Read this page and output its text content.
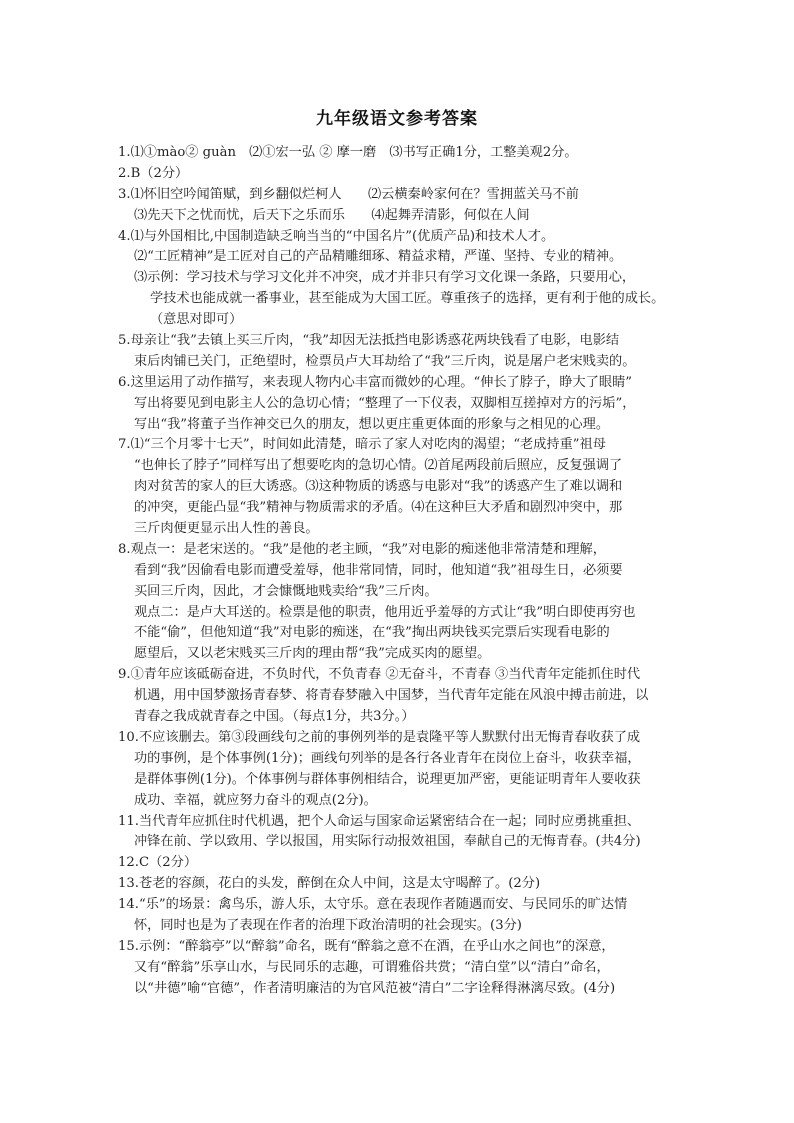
九年级语文参考答案
1.⑴①mào② guàn　⑵①宏一弘 ② 摩一磨　⑶书写正确1分，工整美观2分。
2.B（2分）
3.⑴怀旧空吟闻笛赋，到乡翻似烂柯人　　⑵云横秦岭家何在？雪拥蓝关马不前
⑶先天下之忧而忧，后天下之乐而乐　　⑷起舞弄清影，何似在人间
4.⑴与外国相比,中国制造缺乏响当当的“中国名片”(优质产品)和技术人才。
⑵“工匠精神”是工匠对自己的产品精雕细琢、精益求精，严谨、坚持、专业的精神。
⑶示例：学习技术与学习文化并不冲突，成才并非只有学习文化课一条路，只要用心，
学技术也能成就一番事业，甚至能成为大国工匠。尊重孩子的选择，更有利于他的成长。
（意思对即可）
5.母亲让“我”去镇上买三斤肉，“我”却因无法抵挡电影诱惑花两块钱看了电影，电影结
束后肉铺已关门，正绝望时，检票员卢大耳劫给了“我”三斤肉，说是屠户老宋贱卖的。
6.这里运用了动作描写，来表现人物内心丰富而微妙的心理。“伸长了脖子，睁大了眼睛”
写出将要见到电影主人公的急切心情；“整理了一下仪表，双脚相互搓掉对方的污垢”，
写出“我”将董子当作神交已久的朋友，想以更庄重更体面的形象与之相见的心理。
7.⑴“三个月零十七天”，时间如此清楚，暗示了家人对吃肉的渴望；“老成持重”祖母
“也伸长了脖子”同样写出了想要吃肉的急切心情。⑵首尾两段前后照应，反复强调了
肉对贫苦的家人的巨大诱惑。⑶这种物质的诱惑与电影对“我”的诱惑产生了难以调和
的冲突，更能凸显“我”精神与物质需求的矛盾。⑷在这种巨大矛盾和剧烈冲突中，那
三斤肉便更显示出人性的善良。
8.观点一：是老宋送的。“我”是他的老主顾，“我”对电影的痴迷他非常清楚和理解，
看到“我”因偷看电影而遭受羞辱，他非常同情，同时，他知道“我”祖母生日，必须要
买回三斤肉，因此，才会慷慨地贱卖给“我”三斤肉。
观点二：是卢大耳送的。检票是他的职责，他用近乎羞辱的方式让“我”明白即使再穷也
不能“偷”，但他知道“我”对电影的痴迷，在“我”掏出两块钱买完票后实现看电影的
愿望后，又以老宋贱买三斤肉的理由帮“我”完成买肉的愿望。
9.①青年应该砥砺奋进，不负时代，不负青春 ②无奋斗，不青春 ③当代青年定能抓住时代
机遇，用中国梦激扬青春梦、将青春梦融入中国梦，当代青年定能在风浪中搏击前进，以
青春之我成就青春之中国。（每点1分，共3分。）
10.不应该删去。第③段画线句之前的事例列举的是袁隆平等人默默付出无悔青春收获了成
功的事例，是个体事例(1分)；画线句列举的是各行各业青年在岗位上奋斗，收获幸福，
是群体事例(1分)。个体事例与群体事例相结合，说理更加严密，更能证明青年人要收获
成功、幸福，就应努力奋斗的观点(2分)。
11.当代青年应抓住时代机遇，把个人命运与国家命运紧密结合在一起；同时应勇挑重担、
冲锋在前、学以致用、学以报国，用实际行动报效祖国，奉献自己的无悔青春。(共4分)
12.C（2分）
13.苍老的容颜，花白的头发，醉倒在众人中间，这是太守喝醉了。(2分)
14.“乐”的场景：禽鸟乐，游人乐，太守乐。意在表现作者随遇而安、与民同乐的旷达情
怀，同时也是为了表现在作者的治理下政治清明的社会现实。(3分)
15.示例：“醉翁亭”以“醉翁”命名，既有“醉翁之意不在酒，在乎山水之间也”的深意，
又有“醉翁”乐享山水，与民同乐的志趣，可谓雅俗共赏；“清白堂”以“清白”命名，
以“井德”喻“官德”，作者清明廉洁的为官风范被“清白”二字诠释得淋漓尽致。(4分)
